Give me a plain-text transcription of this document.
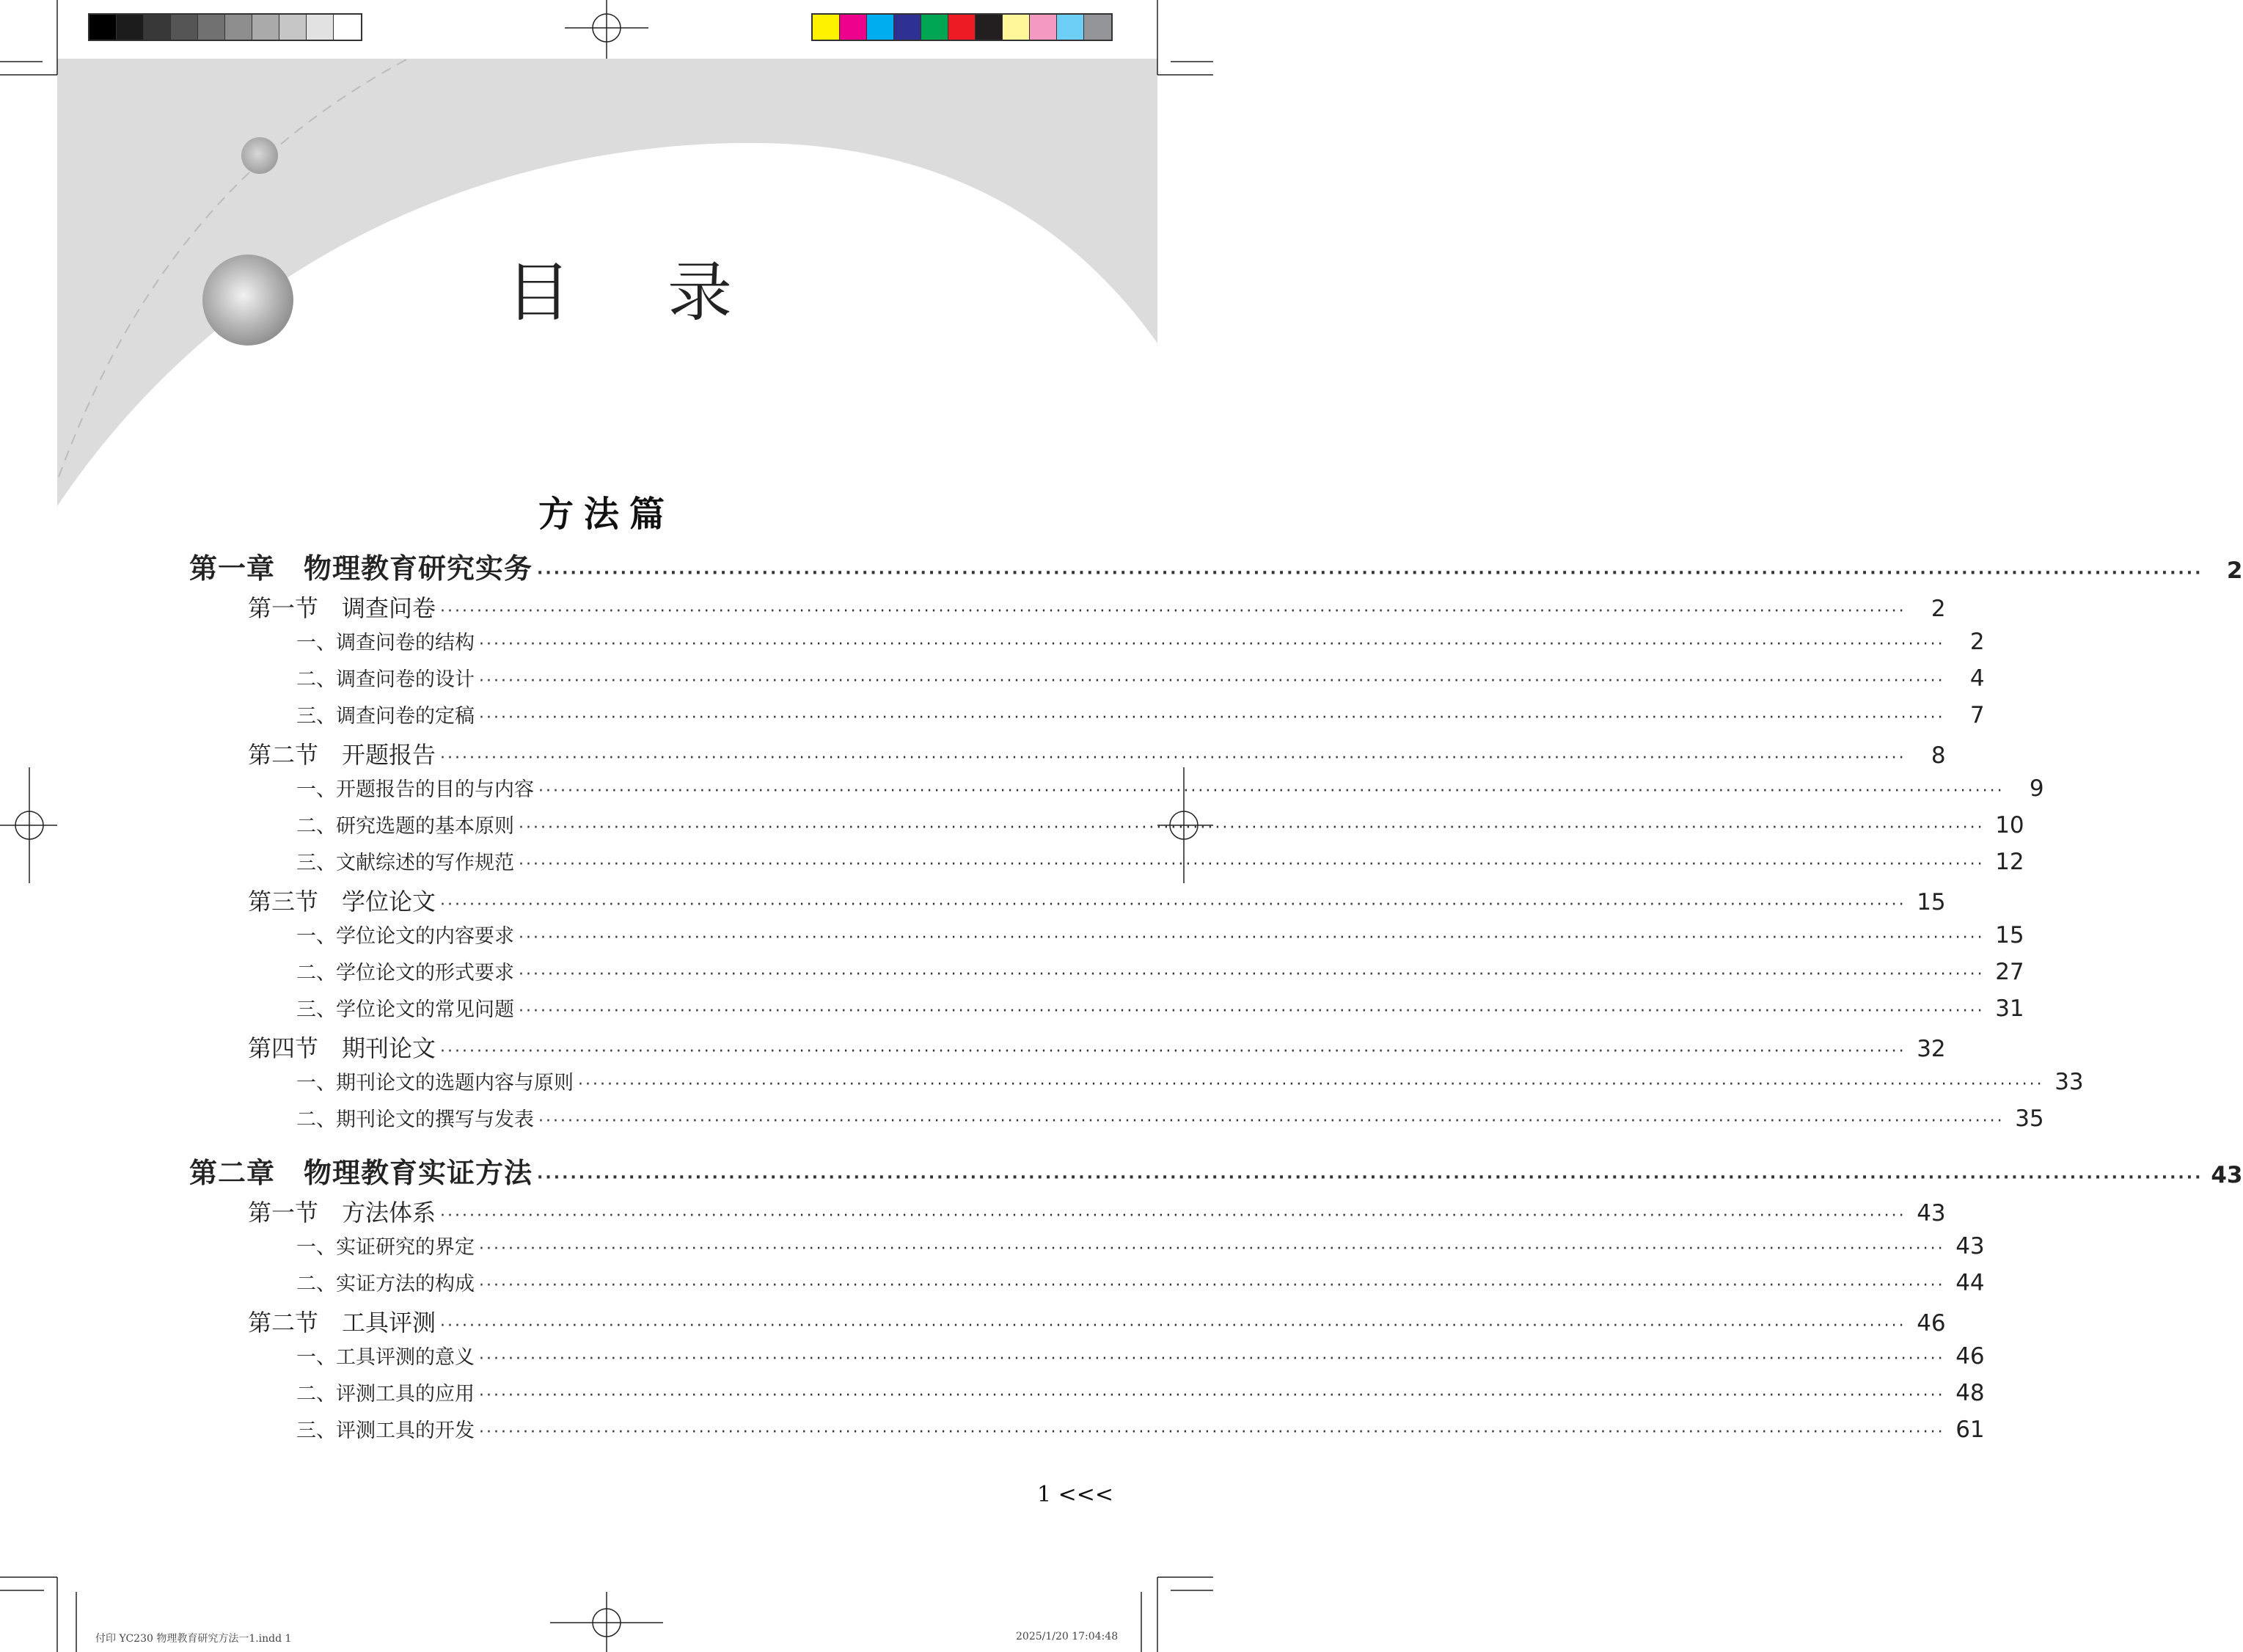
目 录
方法篇
第一章　物理教育研究实务 ········································································································································································································	2
第一节　调查问卷 ········································································································································································································	2
一、调查问卷的结构 ········································································································································································································	2
二、调查问卷的设计 ········································································································································································································	4
三、调查问卷的定稿 ········································································································································································································	7
第二节　开题报告 ········································································································································································································	8
一、开题报告的目的与内容 ········································································································································································································	9
二、研究选题的基本原则 ········································································································································································································ 10
三、文献综述的写作规范 ········································································································································································································ 12
第三节　学位论文 ········································································································································································································ 15
一、学位论文的内容要求 ········································································································································································································ 15
二、学位论文的形式要求 ········································································································································································································ 27
三、学位论文的常见问题 ········································································································································································································ 31
第四节　期刊论文 ········································································································································································································ 32
一、期刊论文的选题内容与原则 ········································································································································································································ 33
二、期刊论文的撰写与发表 ········································································································································································································ 35
第二章　物理教育实证方法 ········································································································································································································ 43
第一节　方法体系 ········································································································································································································ 43
一、实证研究的界定 ········································································································································································································ 43
二、实证方法的构成 ········································································································································································································ 44
第二节　工具评测 ········································································································································································································ 46
一、工具评测的意义 ········································································································································································································ 46
二、评测工具的应用 ········································································································································································································ 48
三、评测工具的开发 ········································································································································································································ 61
1 <<<
付印 YC230 物理教育研究方法一1.indd 1	2025/1/20 17:04:48
